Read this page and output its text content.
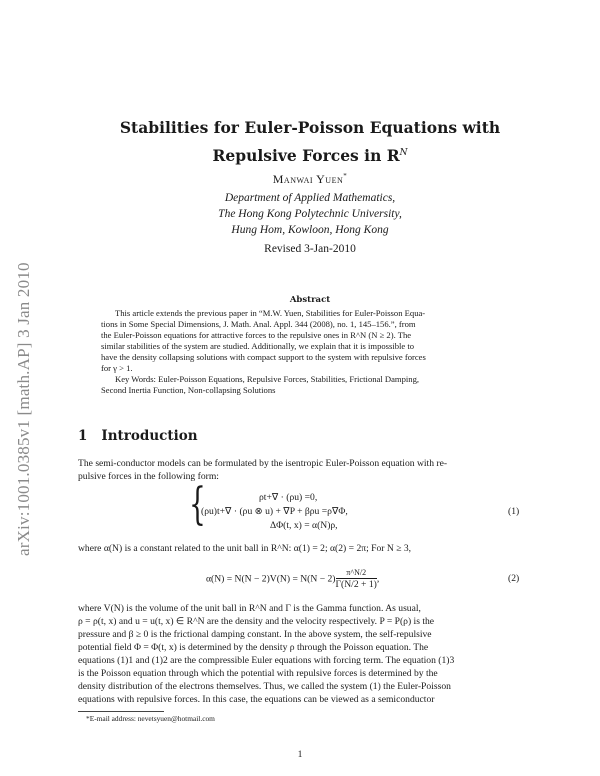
arXiv:1001.0385v1 [math.AP] 3 Jan 2010
Stabilities for Euler-Poisson Equations with
Repulsive Forces in $R^N$
Manwai Yuen*
Department of Applied Mathematics,
The Hong Kong Polytechnic University,
Hung Hom, Kowloon, Hong Kong
Revised 3-Jan-2010
Abstract
This article extends the previous paper in “M.W. Yuen, Stabilities for Euler-Poisson Equa-
tions in Some Special Dimensions, J. Math. Anal. Appl. 344 (2008), no. 1, 145–156.”, from
the Euler-Poisson equations for attractive forces to the repulsive ones in R^N (N ≥ 2). The
similar stabilities of the system are studied. Additionally, we explain that it is impossible to
have the density collapsing solutions with compact support to the system with repulsive forces
for γ > 1.
Key Words: Euler-Poisson Equations, Repulsive Forces, Stabilities, Frictional Damping,
Second Inertia Function, Non-collapsing Solutions
1 Introduction
The semi-conductor models can be formulated by the isentropic Euler-Poisson equation with re-
pulsive forces in the following form:
{	ρt+∇ · (ρu) =0,
(ρu)t+∇ · (ρu ⊗ u) + ∇P + βρu =ρ∇Φ,
ΔΦ(t, x) = α(N)ρ,
(1)
where α(N) is a constant related to the unit ball in R^N: α(1) = 2; α(2) = 2π; For N ≥ 3,
$\alpha(N) = N(N - 2)V(N) = N(N - 2) \frac{\pi\^{}N/2}{\Gamma(N/2 + 1)}$ ,	(2)
where V(N) is the volume of the unit ball in R^N and Γ is the Gamma function. As usual,
ρ = ρ(t, x) and u = u(t, x) ∈ R^N are the density and the velocity respectively. P = P(ρ) is the
pressure and β ≥ 0 is the frictional damping constant. In the above system, the self-repulsive
potential field Φ = Φ(t, x) is determined by the density ρ through the Poisson equation. The
equations (1)1 and (1)2 are the compressible Euler equations with forcing term. The equation (1)3
is the Poisson equation through which the potential with repulsive forces is determined by the
density distribution of the electrons themselves. Thus, we called the system (1) the Euler-Poisson
equations with repulsive forces. In this case, the equations can be viewed as a semiconductor
*E-mail address: nevetsyuen@hotmail.com
1
